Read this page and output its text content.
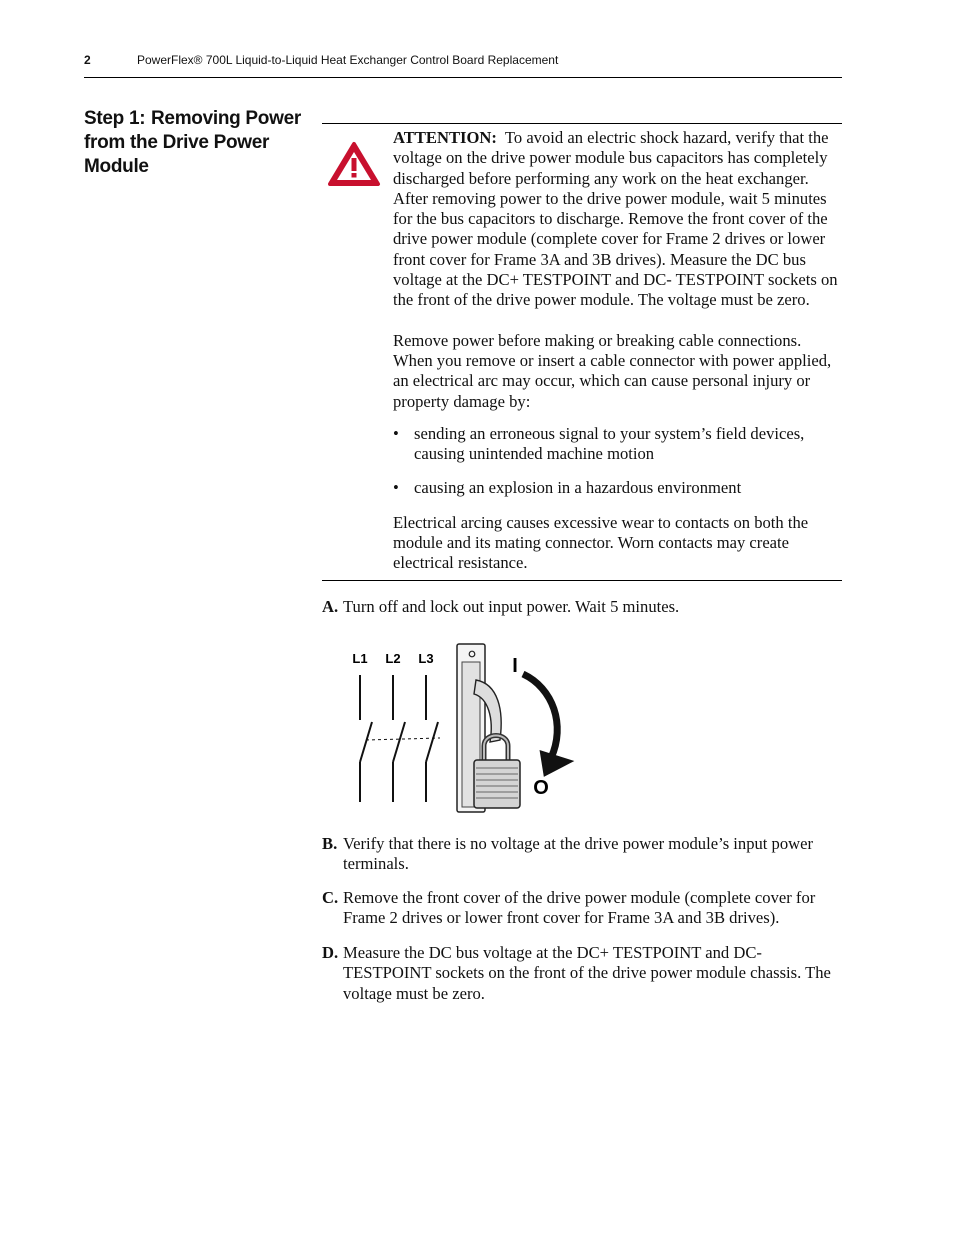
2	PowerFlex® 700L Liquid-to-Liquid Heat Exchanger Control Board Replacement
Step 1: Removing Power from the Drive Power Module

ATTENTION: To avoid an electric shock hazard, verify that the voltage on the drive power module bus capacitors has completely discharged before performing any work on the heat exchanger. After removing power to the drive power module, wait 5 minutes for the bus capacitors to discharge. Remove the front cover of the drive power module (complete cover for Frame 2 drives or lower front cover for Frame 3A and 3B drives). Measure the DC bus voltage at the DC+ TESTPOINT and DC- TESTPOINT sockets on the front of the drive power module. The voltage must be zero.

Remove power before making or breaking cable connections. When you remove or insert a cable connector with power applied, an electrical arc may occur, which can cause personal injury or property damage by:

• sending an erroneous signal to your system’s field devices, causing unintended machine motion
• causing an explosion in a hazardous environment

Electrical arcing causes excessive wear to contacts on both the module and its mating connector. Worn contacts may create electrical resistance.

A. Turn off and lock out input power. Wait 5 minutes.
L1 L2 L3	I
O
B. Verify that there is no voltage at the drive power module’s input power terminals.
C. Remove the front cover of the drive power module (complete cover for Frame 2 drives or lower front cover for Frame 3A and 3B drives).
D. Measure the DC bus voltage at the DC+ TESTPOINT and DC- TESTPOINT sockets on the front of the drive power module chassis. The voltage must be zero.
